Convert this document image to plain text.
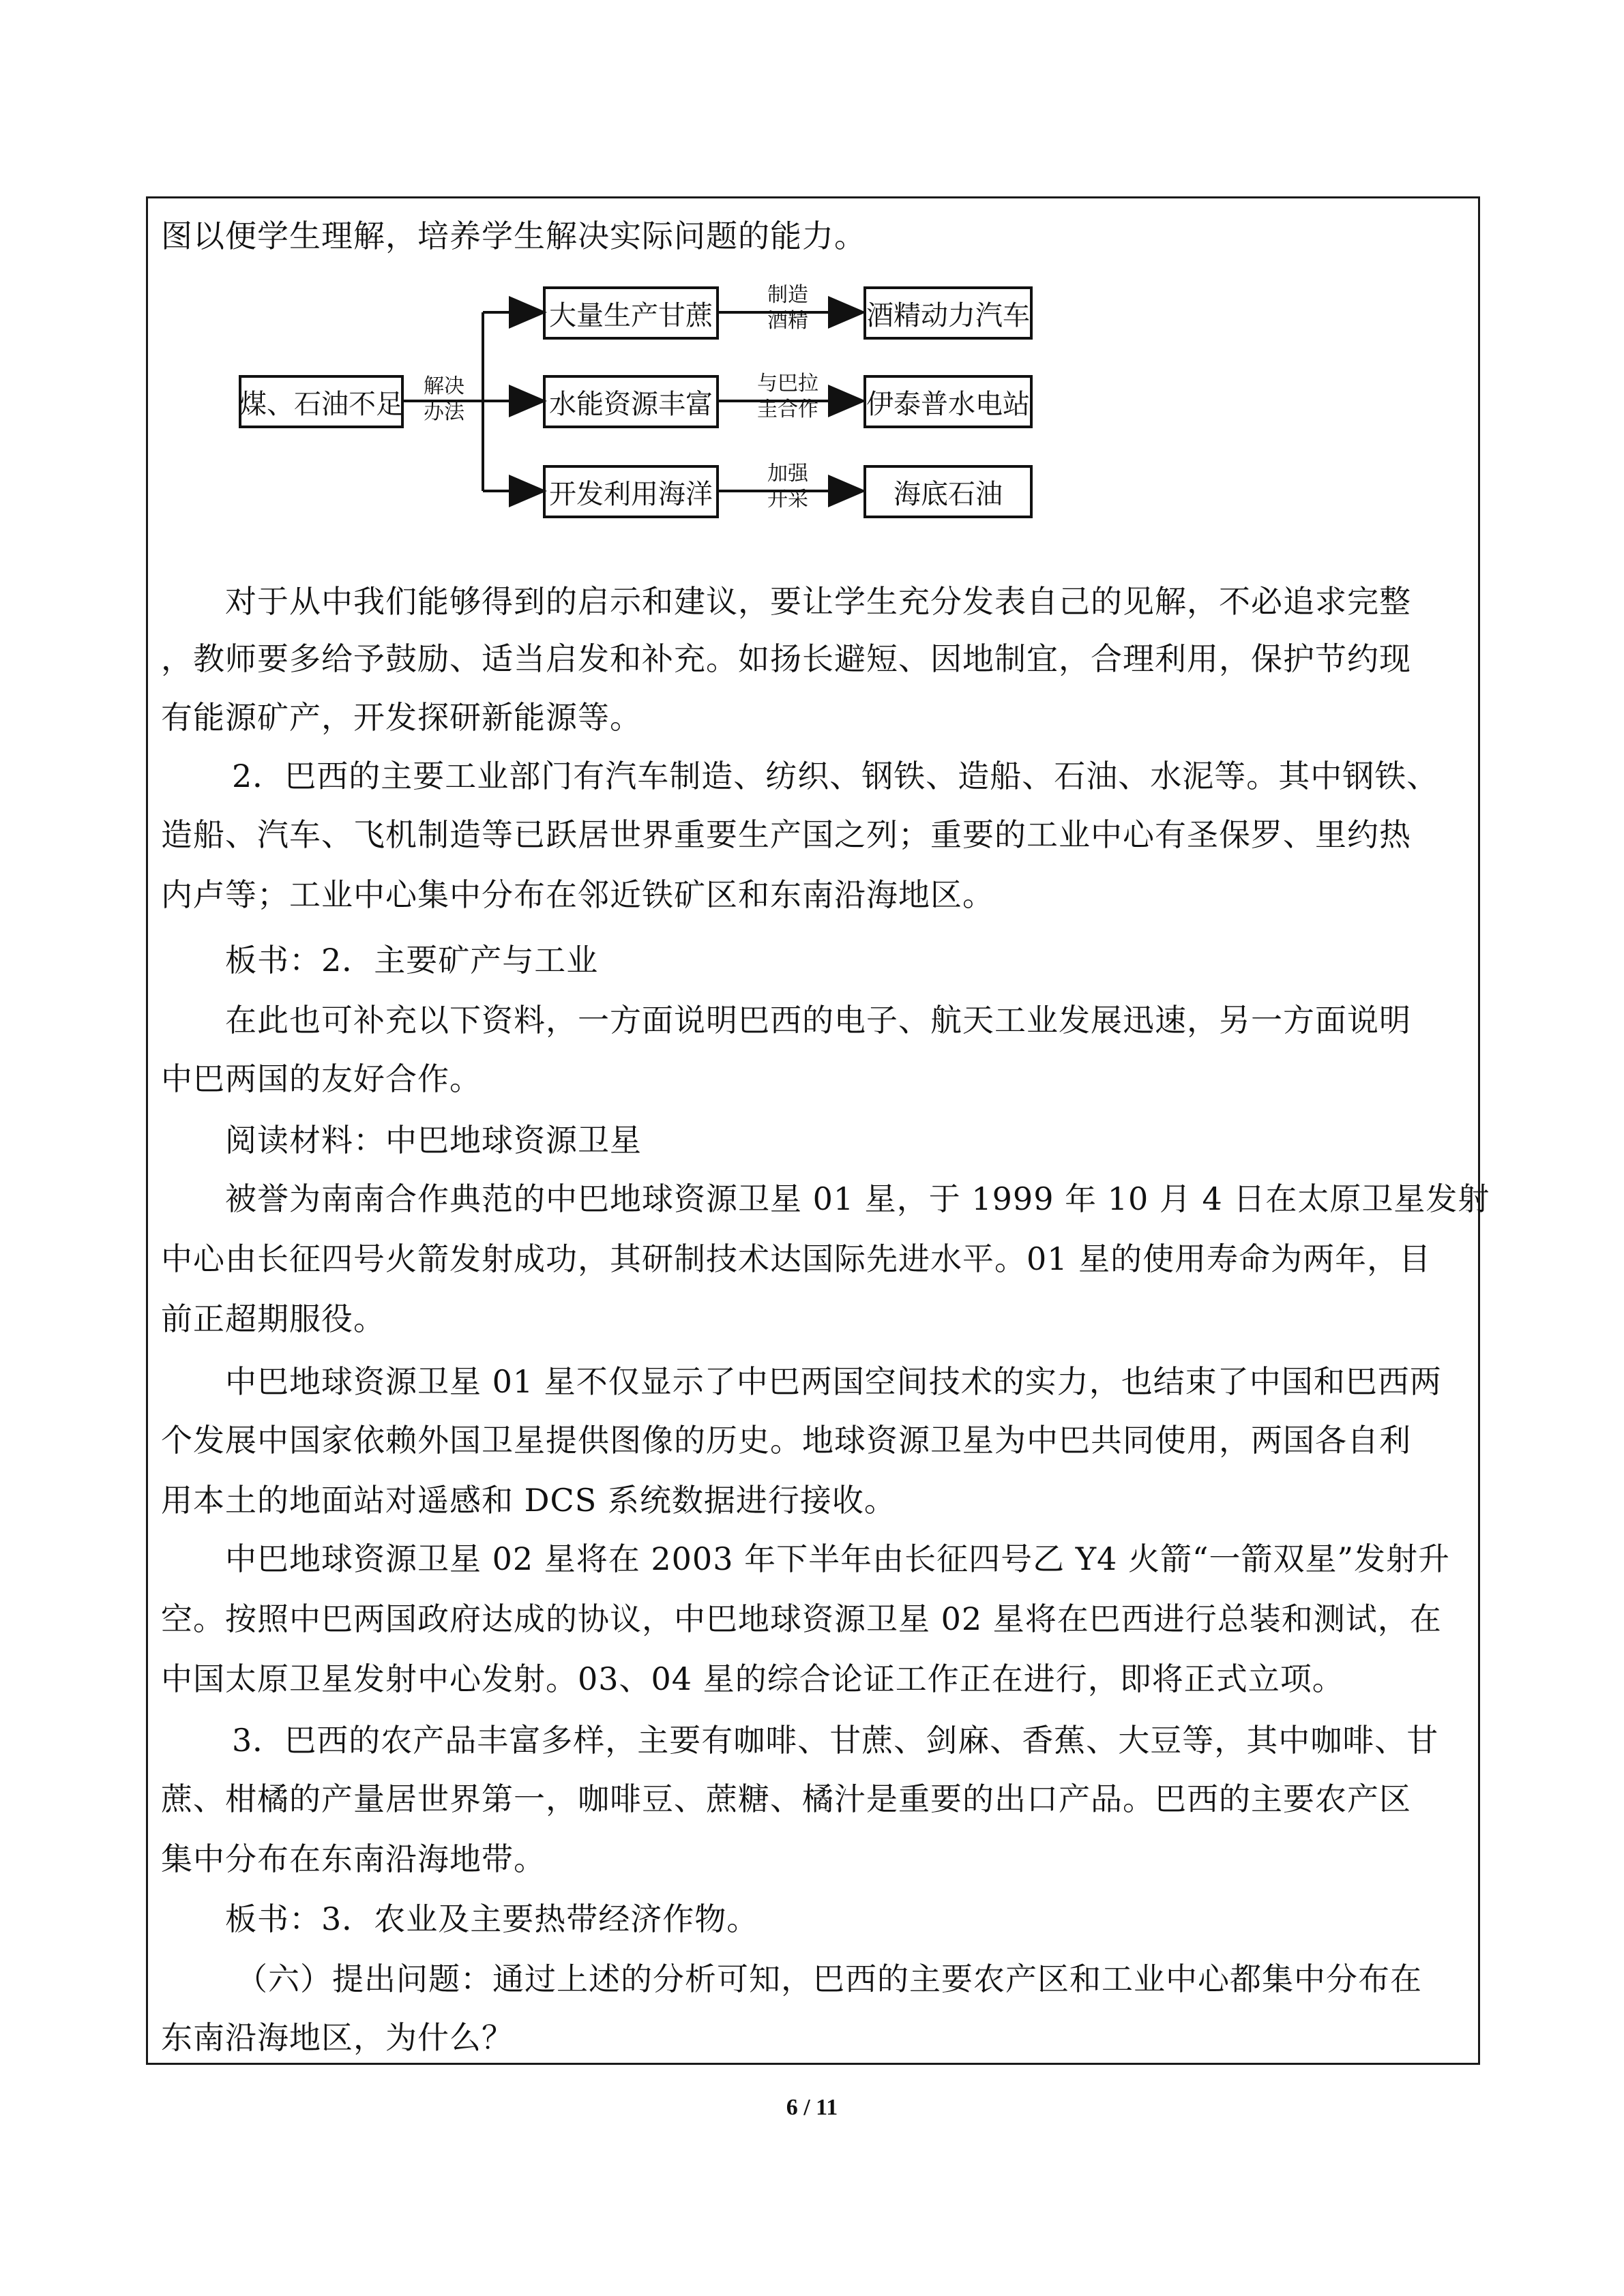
图以便学生理解，培养学生解决实际问题的能力。
煤、石油不足
解决
办法
大量生产甘蔗
水能资源丰富
开发利用海洋
制造
酒精
与巴拉
圭合作
加强
开采
酒精动力汽车
伊泰普水电站
海底石油
对于从中我们能够得到的启示和建议，要让学生充分发表自己的见解，不必追求完整
，教师要多给予鼓励、适当启发和补充。如扬长避短、因地制宜，合理利用，保护节约现
有能源矿产，开发探研新能源等。
2．巴西的主要工业部门有汽车制造、纺织、钢铁、造船、石油、水泥等。其中钢铁、
造船、汽车、飞机制造等已跃居世界重要生产国之列；重要的工业中心有圣保罗、里约热
内卢等；工业中心集中分布在邻近铁矿区和东南沿海地区。
板书：2．主要矿产与工业
在此也可补充以下资料，一方面说明巴西的电子、航天工业发展迅速，另一方面说明
中巴两国的友好合作。
阅读材料：中巴地球资源卫星
被誉为南南合作典范的中巴地球资源卫星 01 星，于 1999 年 10 月 4 日在太原卫星发射
中心由长征四号火箭发射成功，其研制技术达国际先进水平。01 星的使用寿命为两年，目
前正超期服役。
中巴地球资源卫星 01 星不仅显示了中巴两国空间技术的实力，也结束了中国和巴西两
个发展中国家依赖外国卫星提供图像的历史。地球资源卫星为中巴共同使用，两国各自利
用本土的地面站对遥感和 DCS 系统数据进行接收。
中巴地球资源卫星 02 星将在 2003 年下半年由长征四号乙 Y4 火箭“一箭双星”发射升
空。按照中巴两国政府达成的协议，中巴地球资源卫星 02 星将在巴西进行总装和测试，在
中国太原卫星发射中心发射。03、04 星的综合论证工作正在进行，即将正式立项。
3．巴西的农产品丰富多样，主要有咖啡、甘蔗、剑麻、香蕉、大豆等，其中咖啡、甘
蔗、柑橘的产量居世界第一，咖啡豆、蔗糖、橘汁是重要的出口产品。巴西的主要农产区
集中分布在东南沿海地带。
板书：3．农业及主要热带经济作物。
（六）提出问题：通过上述的分析可知，巴西的主要农产区和工业中心都集中分布在
东南沿海地区，为什么？
6 / 11
